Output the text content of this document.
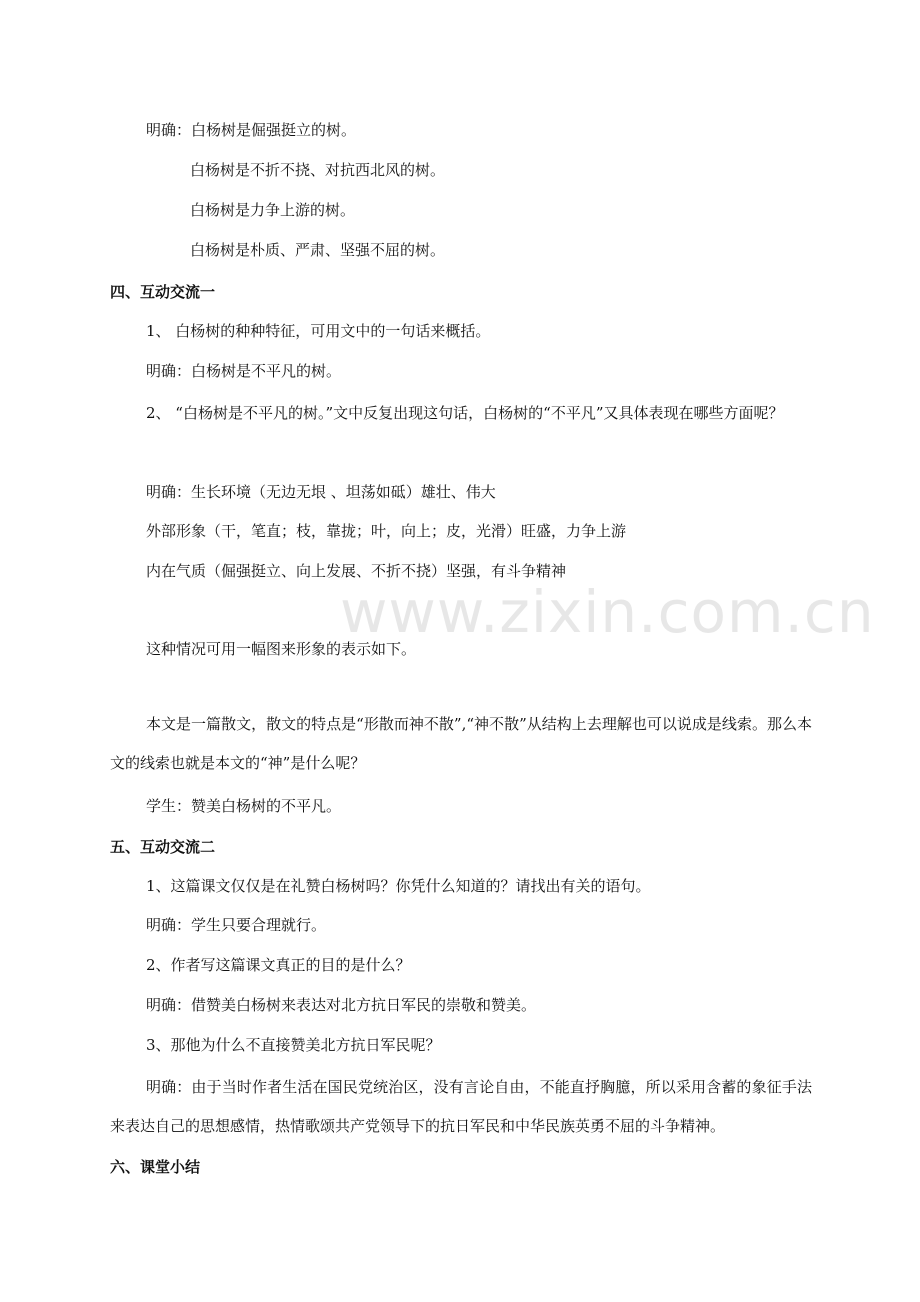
www.zixin.com.cn
明确：白杨树是倔强挺立的树。
白杨树是不折不挠、对抗西北风的树。
白杨树是力争上游的树。
白杨树是朴质、严肃、坚强不屈的树。
四、互动交流一
1、 白杨树的种种特征，可用文中的一句话来概括。
明确：白杨树是不平凡的树。
2、 “白杨树是不平凡的树。”文中反复出现这句话，白杨树的“不平凡”又具体表现在哪些方面呢？
明确：生长环境（无边无垠 、坦荡如砥）雄壮、伟大
外部形象（干，笔直；枝，靠拢；叶，向上；皮，光滑）旺盛，力争上游
内在气质（倔强挺立、向上发展、不折不挠）坚强，有斗争精神
这种情况可用一幅图来形象的表示如下。
本文是一篇散文，散文的特点是“形散而神不散”,“神不散”从结构上去理解也可以说成是线索。那么本文的线索也就是本文的“神”是什么呢？
学生：赞美白杨树的不平凡。
五、互动交流二
1、这篇课文仅仅是在礼赞白杨树吗？你凭什么知道的？请找出有关的语句。
明确：学生只要合理就行。
2、作者写这篇课文真正的目的是什么？
明确：借赞美白杨树来表达对北方抗日军民的崇敬和赞美。
3、那他为什么不直接赞美北方抗日军民呢？
明确：由于当时作者生活在国民党统治区，没有言论自由，不能直抒胸臆，所以采用含蓄的象征手法来表达自己的思想感情，热情歌颂共产党领导下的抗日军民和中华民族英勇不屈的斗争精神。
六、课堂小结
